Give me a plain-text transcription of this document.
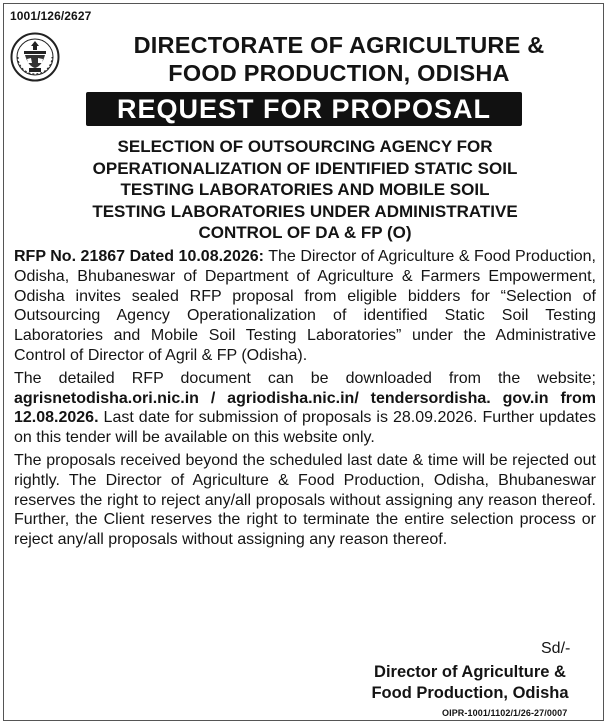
1001/126/2627
DIRECTORATE OF AGRICULTURE &
FOOD PRODUCTION, ODISHA
REQUEST FOR PROPOSAL
SELECTION OF OUTSOURCING AGENCY FOR
OPERATIONALIZATION OF IDENTIFIED STATIC SOIL
TESTING LABORATORIES AND MOBILE SOIL
TESTING LABORATORIES UNDER ADMINISTRATIVE
CONTROL OF DA & FP (O)

RFP No. 21867 Dated 10.08.2026: The Director of Agriculture & Food Production, Odisha, Bhubaneswar of Department of Agriculture & Farmers Empowerment, Odisha invites sealed RFP proposal from eligible bidders for “Selection of Outsourcing Agency Operationalization of identified Static Soil Testing Laboratories and Mobile Soil Testing Laboratories” under the Administrative Control of Director of Agril & FP (Odisha).

The detailed RFP document can be downloaded from the website; agrisnetodisha.ori.nic.in / agriodisha.nic.in/ tendersordisha. gov.in from 12.08.2026. Last date for submission of proposals is 28.09.2026. Further updates on this tender will be available on this website only.

The proposals received beyond the scheduled last date & time will be rejected out rightly. The Director of Agriculture & Food Production, Odisha, Bhubaneswar reserves the right to reject any/all proposals without assigning any reason thereof. Further, the Client reserves the right to terminate the entire selection process or reject any/all proposals without assigning any reason thereof.

Sd/-
Director of Agriculture &
Food Production, Odisha
OIPR-1001/1102/1/26-27/0007
